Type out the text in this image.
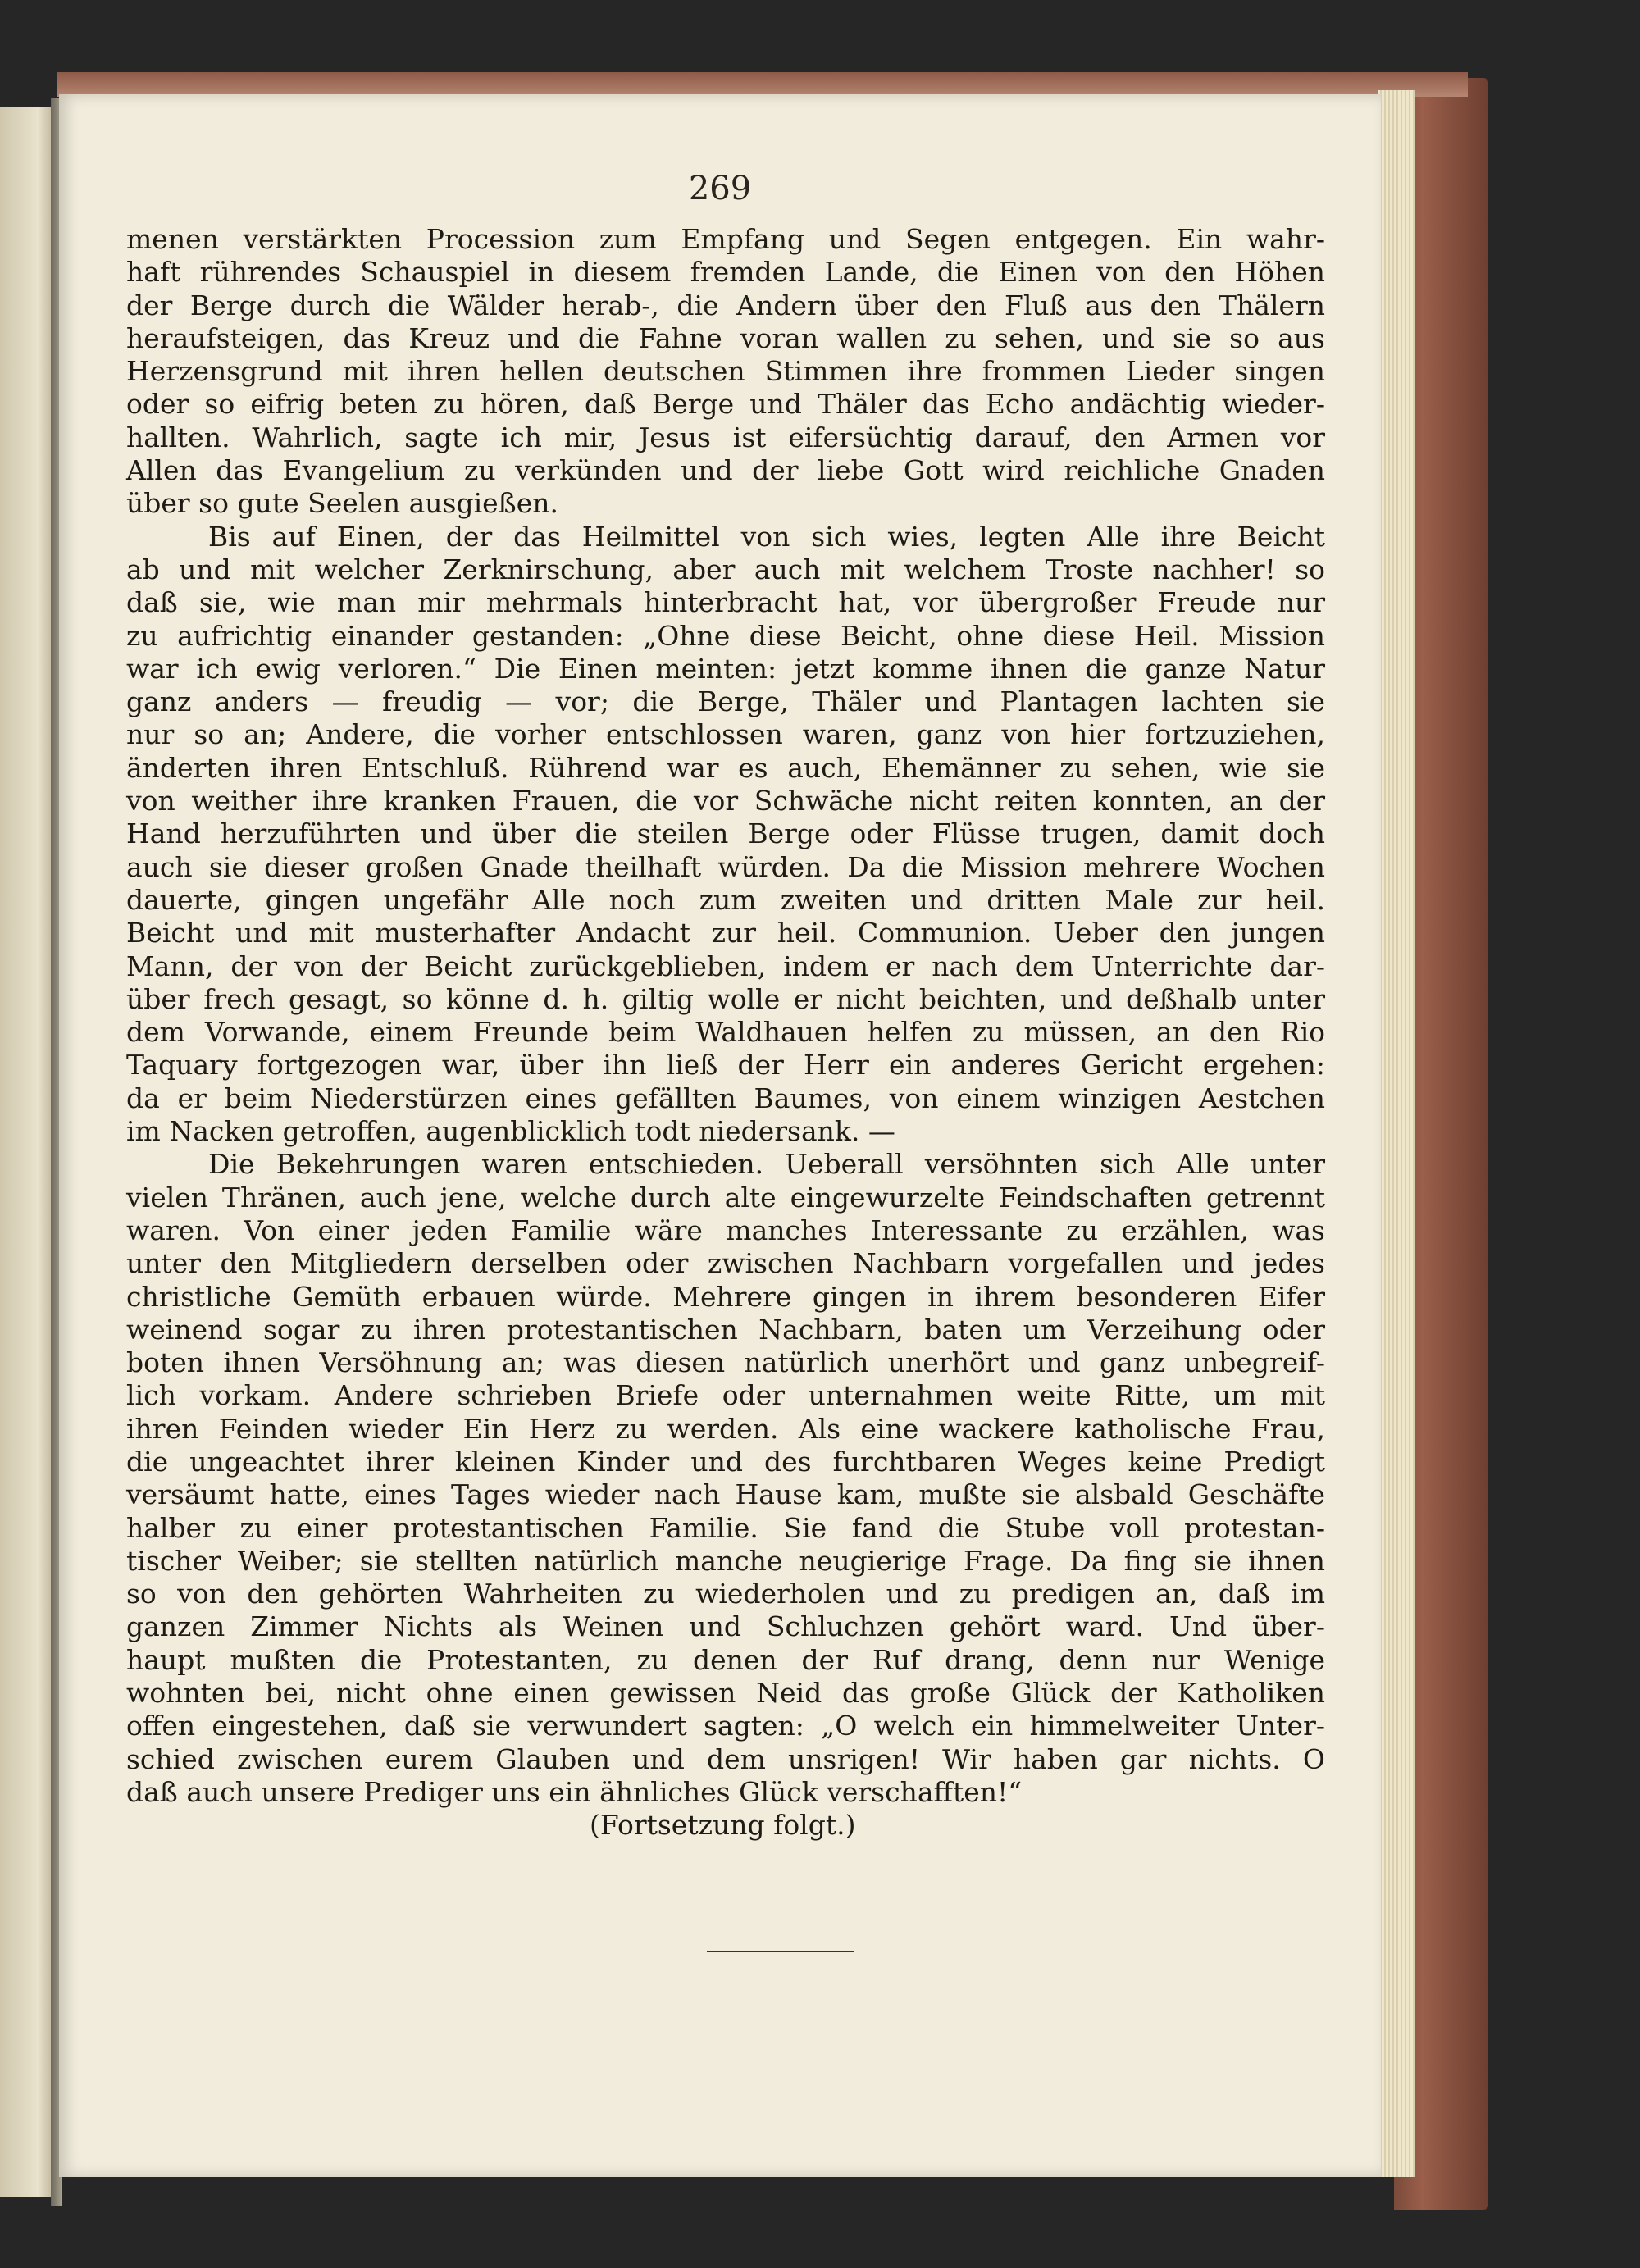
269
menen verstärkten Procession zum Empfang und Segen entgegen. Ein wahr-
haft rührendes Schauspiel in diesem fremden Lande, die Einen von den Höhen
der Berge durch die Wälder herab-, die Andern über den Fluß aus den Thälern
heraufsteigen, das Kreuz und die Fahne voran wallen zu sehen, und sie so aus
Herzensgrund mit ihren hellen deutschen Stimmen ihre frommen Lieder singen
oder so eifrig beten zu hören, daß Berge und Thäler das Echo andächtig wieder-
hallten. Wahrlich, sagte ich mir, Jesus ist eifersüchtig darauf, den Armen vor
Allen das Evangelium zu verkünden und der liebe Gott wird reichliche Gnaden
über so gute Seelen ausgießen.
Bis auf Einen, der das Heilmittel von sich wies, legten Alle ihre Beicht
ab und mit welcher Zerknirschung, aber auch mit welchem Troste nachher! so
daß sie, wie man mir mehrmals hinterbracht hat, vor übergroßer Freude nur
zu aufrichtig einander gestanden: „Ohne diese Beicht, ohne diese Heil. Mission
war ich ewig verloren.“ Die Einen meinten: jetzt komme ihnen die ganze Natur
ganz anders — freudig — vor; die Berge, Thäler und Plantagen lachten sie
nur so an; Andere, die vorher entschlossen waren, ganz von hier fortzuziehen,
änderten ihren Entschluß. Rührend war es auch, Ehemänner zu sehen, wie sie
von weither ihre kranken Frauen, die vor Schwäche nicht reiten konnten, an der
Hand herzuführten und über die steilen Berge oder Flüsse trugen, damit doch
auch sie dieser großen Gnade theilhaft würden. Da die Mission mehrere Wochen
dauerte, gingen ungefähr Alle noch zum zweiten und dritten Male zur heil.
Beicht und mit musterhafter Andacht zur heil. Communion. Ueber den jungen
Mann, der von der Beicht zurückgeblieben, indem er nach dem Unterrichte dar-
über frech gesagt, so könne d. h. giltig wolle er nicht beichten, und deßhalb unter
dem Vorwande, einem Freunde beim Waldhauen helfen zu müssen, an den Rio
Taquary fortgezogen war, über ihn ließ der Herr ein anderes Gericht ergehen:
da er beim Niederstürzen eines gefällten Baumes, von einem winzigen Aestchen
im Nacken getroffen, augenblicklich todt niedersank. —
Die Bekehrungen waren entschieden. Ueberall versöhnten sich Alle unter
vielen Thränen, auch jene, welche durch alte eingewurzelte Feindschaften getrennt
waren. Von einer jeden Familie wäre manches Interessante zu erzählen, was
unter den Mitgliedern derselben oder zwischen Nachbarn vorgefallen und jedes
christliche Gemüth erbauen würde. Mehrere gingen in ihrem besonderen Eifer
weinend sogar zu ihren protestantischen Nachbarn, baten um Verzeihung oder
boten ihnen Versöhnung an; was diesen natürlich unerhört und ganz unbegreif-
lich vorkam. Andere schrieben Briefe oder unternahmen weite Ritte, um mit
ihren Feinden wieder Ein Herz zu werden. Als eine wackere katholische Frau,
die ungeachtet ihrer kleinen Kinder und des furchtbaren Weges keine Predigt
versäumt hatte, eines Tages wieder nach Hause kam, mußte sie alsbald Geschäfte
halber zu einer protestantischen Familie. Sie fand die Stube voll protestan-
tischer Weiber; sie stellten natürlich manche neugierige Frage. Da fing sie ihnen
so von den gehörten Wahrheiten zu wiederholen und zu predigen an, daß im
ganzen Zimmer Nichts als Weinen und Schluchzen gehört ward. Und über-
haupt mußten die Protestanten, zu denen der Ruf drang, denn nur Wenige
wohnten bei, nicht ohne einen gewissen Neid das große Glück der Katholiken
offen eingestehen, daß sie verwundert sagten: „O welch ein himmelweiter Unter-
schied zwischen eurem Glauben und dem unsrigen! Wir haben gar nichts. O
daß auch unsere Prediger uns ein ähnliches Glück verschafften!“
(Fortsetzung folgt.)
